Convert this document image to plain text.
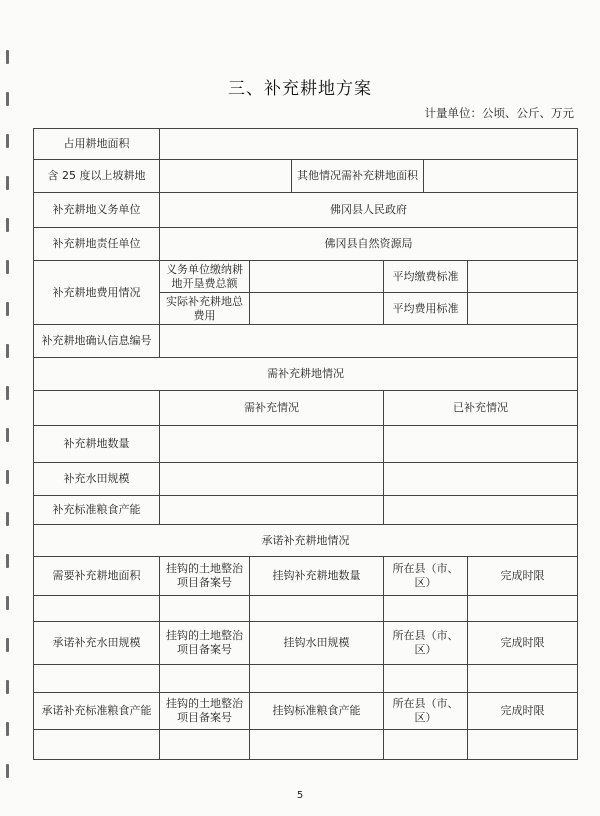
三、补充耕地方案
计量单位：公顷、公斤、万元
占用耕地面积						
含 25 度以上坡耕地			其他情况需补充耕地面积			
补充耕地义务单位	佛冈县人民政府					
补充耕地责任单位	佛冈县自然资源局					
补充耕地费用情况	义务单位缴纳耕地开垦费总额			平均缴费标准		
	实际补充耕地总费用			平均费用标准		
补充耕地确认信息编号						
需补充耕地情况						
	需补充情况			已补充情况		
补充耕地数量						
补充水田规模						
补充标准粮食产能						
承诺补充耕地情况						
需要补充耕地面积	挂钩的土地整治项目备案号	挂钩补充耕地数量		所在县（市、区）		完成时限

承诺补充水田规模	挂钩的土地整治项目备案号	挂钩水田规模		所在县（市、区）		完成时限

承诺补充标准粮食产能	挂钩的土地整治项目备案号	挂钩标准粮食产能		所在县（市、区）		完成时限

5
